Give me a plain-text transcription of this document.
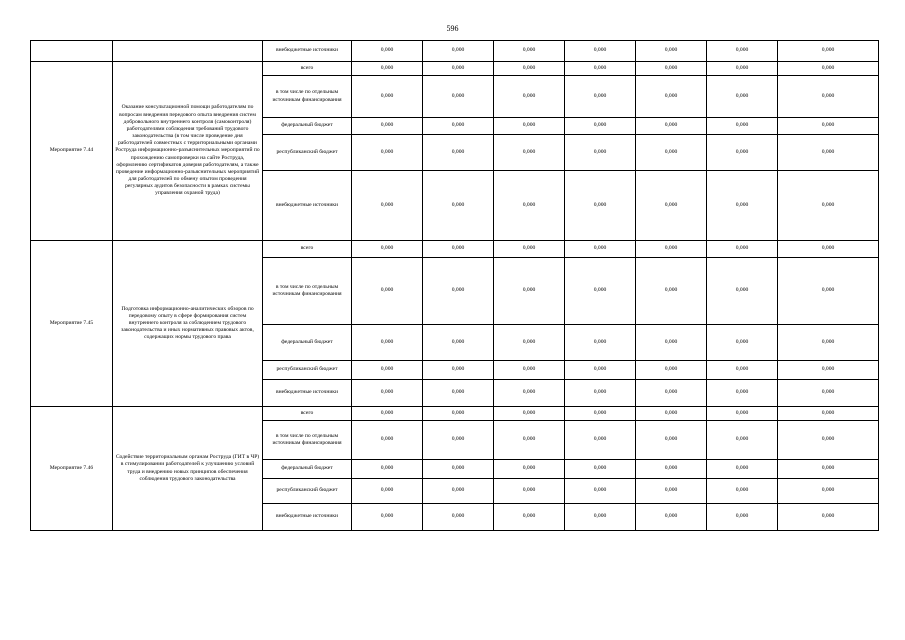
596
		внебюджетные источники	0,000	0,000	0,000	0,000	0,000	0,000	0,000
Мероприятие 7.44	Оказание консультационной помощи работодателям по вопросам внедрения передового опыта внедрения систем добровольного внутреннего контроля (самоконтроля) работодателями соблюдения требований трудового законодательства (в том числе проведение дня работодателей совместных с территориальными органами Роструда информационно-разъяснительных мероприятий по прохождению самопроверки на сайте Роструда, оформлению сертификатов доверия работодателям, а также проведение информационно-разъяснительных мероприятий для работодателей по обмену опытом проведения регулярных аудитов безопасности в рамках системы управления охраной труда)	всего	0,000	0,000	0,000	0,000	0,000	0,000	0,000
		в том числе по отдельным источникам финансирования	0,000	0,000	0,000	0,000	0,000	0,000	0,000
		федеральный бюджет	0,000	0,000	0,000	0,000	0,000	0,000	0,000
		республиканский бюджет	0,000	0,000	0,000	0,000	0,000	0,000	0,000
		внебюджетные источники	0,000	0,000	0,000	0,000	0,000	0,000	0,000
Мероприятие 7.45	Подготовка информационно-аналитических обзоров по передовому опыту в сфере формирования систем внутреннего контроля за соблюдением трудового законодательства и иных нормативных правовых актов, содержащих нормы трудового права	всего	0,000	0,000	0,000	0,000	0,000	0,000	0,000
		в том числе по отдельным источникам финансирования	0,000	0,000	0,000	0,000	0,000	0,000	0,000
		федеральный бюджет	0,000	0,000	0,000	0,000	0,000	0,000	0,000
		республиканский бюджет	0,000	0,000	0,000	0,000	0,000	0,000	0,000
		внебюджетные источники	0,000	0,000	0,000	0,000	0,000	0,000	0,000
Мероприятие 7.46	Содействие территориальным органам Роструда (ГИТ в ЧР) в стимулировании работодателей к улучшению условий труда и внедрению новых принципов обеспечения соблюдения трудового законодательства	всего	0,000	0,000	0,000	0,000	0,000	0,000	0,000
		в том числе по отдельным источникам финансирования	0,000	0,000	0,000	0,000	0,000	0,000	0,000
		федеральный бюджет	0,000	0,000	0,000	0,000	0,000	0,000	0,000
		республиканский бюджет	0,000	0,000	0,000	0,000	0,000	0,000	0,000
		внебюджетные источники	0,000	0,000	0,000	0,000	0,000	0,000	0,000
